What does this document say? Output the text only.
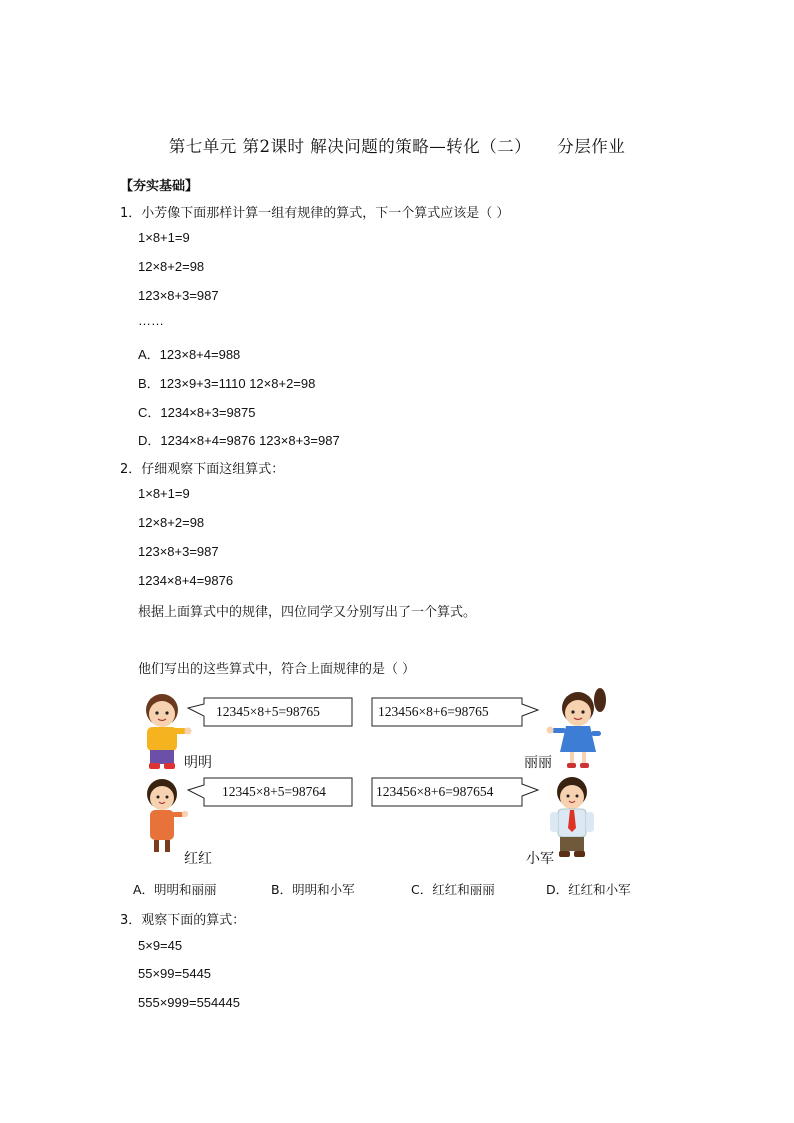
第七单元 第2课时 解决问题的策略—转化（二） 分层作业
【夯实基础】
1．小芳像下面那样计算一组有规律的算式，下一个算式应该是（ ）
1×8+1=9
12×8+2=98
123×8+3=987
……
A．123×8+4=988
B．123×9+3=1110 12×8+2=98
C．1234×8+3=9875
D．1234×8+4=9876 123×8+3=987
2．仔细观察下面这组算式：
1×8+1=9
12×8+2=98
123×8+3=987
1234×8+4=9876
根据上面算式中的规律，四位同学又分别写出了一个算式。
他们写出的这些算式中，符合上面规律的是（ ）
12345×8+5=98765	123456×8+6=98765
12345×8+5=98764	123456×8+6=987654
明明	丽丽
红红	小军
A．明明和丽丽	B．明明和小军	C．红红和丽丽	D．红红和小军
3．观察下面的算式：
5×9=45
55×99=5445
555×999=554445
